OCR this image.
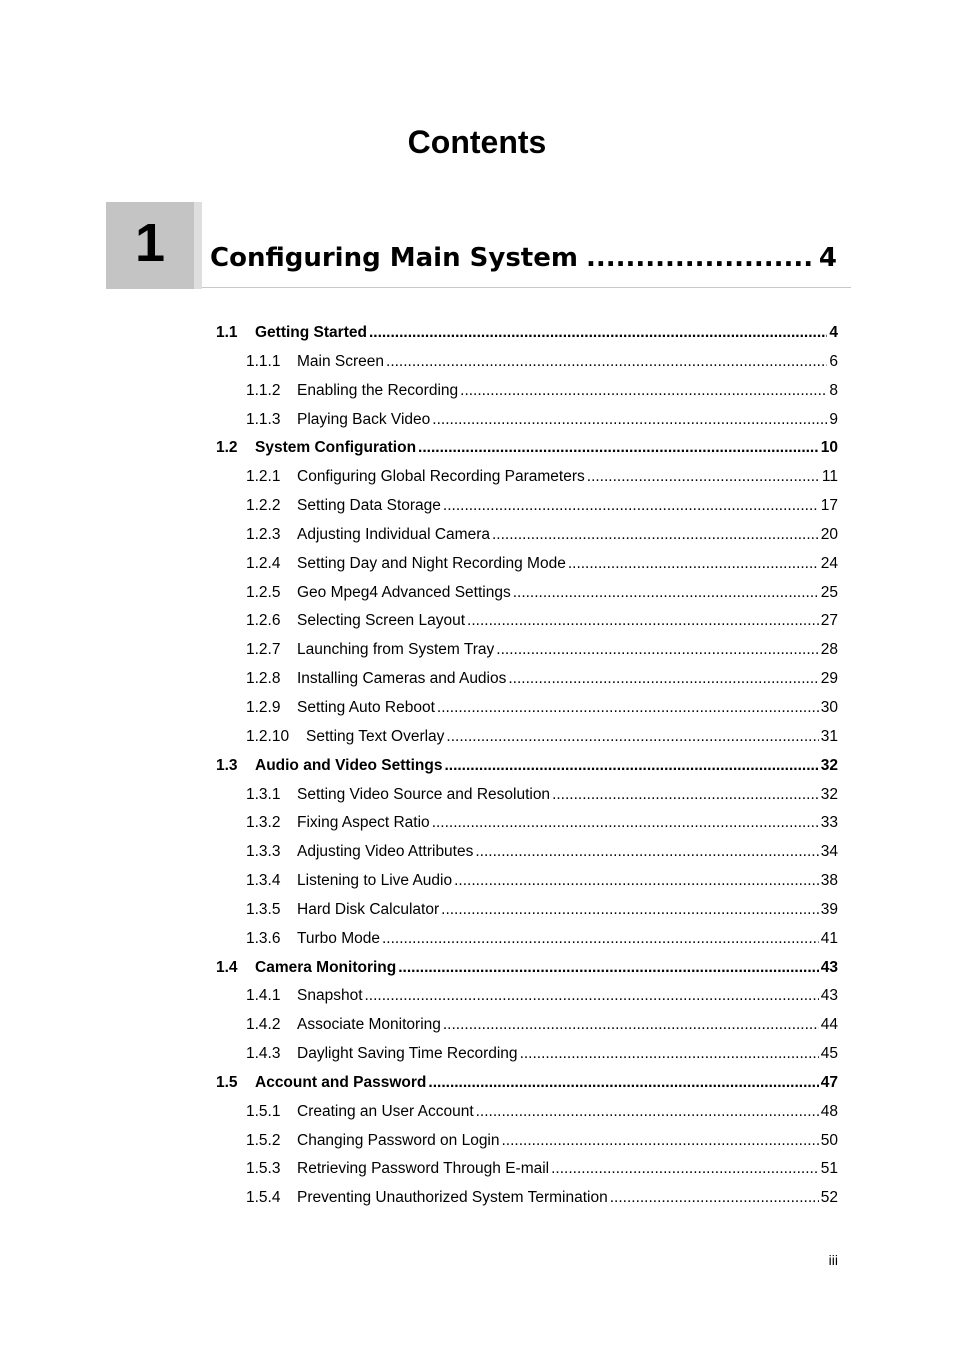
Contents
1	Configuring Main System .....	4
1.1	Getting Started .....	4
1.1.1	Main Screen .....	6
1.1.2	Enabling the Recording .....	8
1.1.3	Playing Back Video .....	9
1.2	System Configuration .....	10
1.2.1	Configuring Global Recording Parameters .....	11
1.2.2	Setting Data Storage .....	17
1.2.3	Adjusting Individual Camera .....	20
1.2.4	Setting Day and Night Recording Mode .....	24
1.2.5	Geo Mpeg4 Advanced Settings .....	25
1.2.6	Selecting Screen Layout .....	27
1.2.7	Launching from System Tray .....	28
1.2.8	Installing Cameras and Audios .....	29
1.2.9	Setting Auto Reboot .....	30
1.2.10	Setting Text Overlay .....	31
1.3	Audio and Video Settings .....	32
1.3.1	Setting Video Source and Resolution .....	32
1.3.2	Fixing Aspect Ratio .....	33
1.3.3	Adjusting Video Attributes .....	34
1.3.4	Listening to Live Audio .....	38
1.3.5	Hard Disk Calculator .....	39
1.3.6	Turbo Mode .....	41
1.4	Camera Monitoring .....	43
1.4.1	Snapshot .....	43
1.4.2	Associate Monitoring .....	44
1.4.3	Daylight Saving Time Recording .....	45
1.5	Account and Password .....	47
1.5.1	Creating an User Account .....	48
1.5.2	Changing Password on Login .....	50
1.5.3	Retrieving Password Through E-mail .....	51
1.5.4	Preventing Unauthorized System Termination .....	52
iii
